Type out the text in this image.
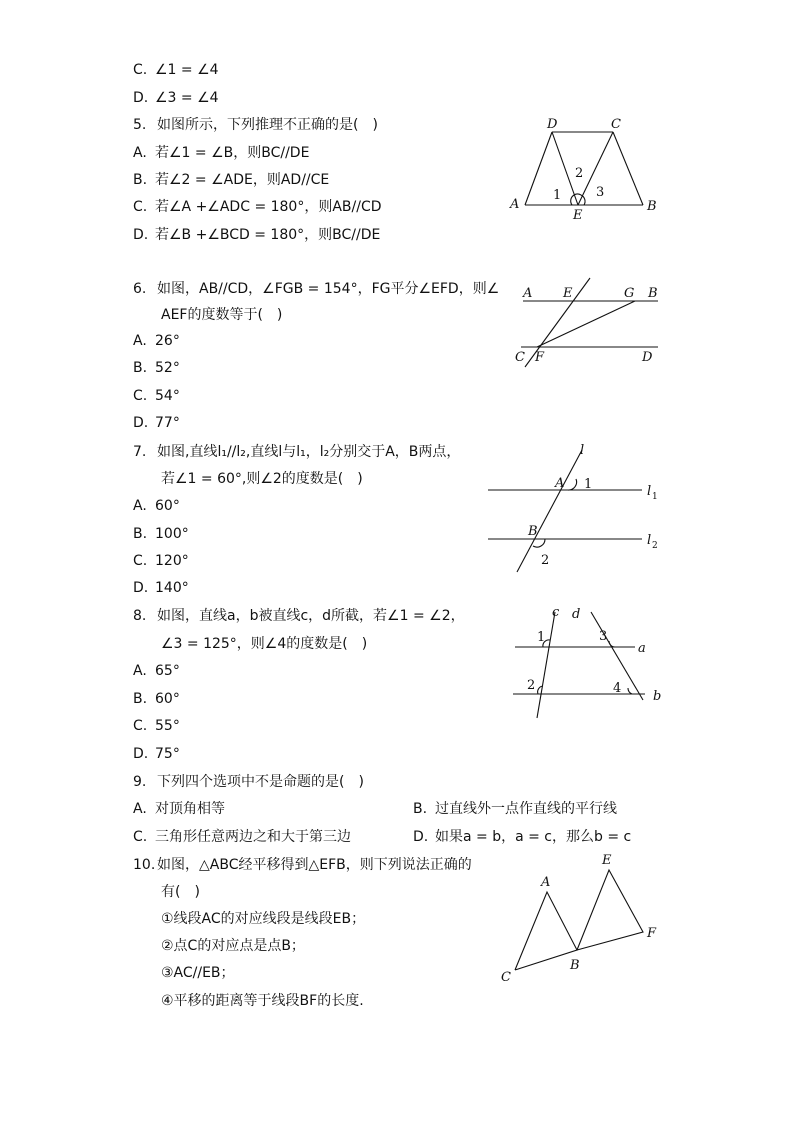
C. ∠1 = ∠4
D. ∠3 = ∠4
5. 如图所示，下列推理不正确的是(　)
A. 若∠1 = ∠B，则BC//DE
B. 若∠2 = ∠ADE，则AD//CE
C. 若∠A +∠ADC = 180°，则AB//CD
D. 若∠B +∠BCD = 180°，则BC//DE
D	C
A	B
E
1
2
3
6. 如图，AB//CD，∠FGB = 154°，FG平分∠EFD，则∠
AEF的度数等于(　)
A. 26°
B. 52°
C. 54°
D. 77°
A E	G B
C F	D
7. 如图,直线l₁//l₂,直线l与l₁，l₂分别交于A，B两点，
若∠1 = 60°,则∠2的度数是(　)
A. 60°
B. 100°
C. 120°
D. 140°
l
A 1	l 1
B
l 2
2
8. 如图，直线a，b被直线c，d所截，若∠1 = ∠2，
∠3 = 125°，则∠4的度数是(　)
A. 65°
B. 60°
C. 55°
D. 75°
c d
1	3
a
2	4
b
9. 下列四个选项中不是命题的是(　)
A. 对顶角相等	B. 过直线外一点作直线的平行线
C. 三角形任意两边之和大于第三边	D. 如果a = b，a = c，那么b = c
10. 如图，△ABC经平移得到△EFB，则下列说法正确的
有(　)
①线段AC的对应线段是线段EB；
②点C的对应点是点B；
③AC//EB；
④平移的距离等于线段BF的长度.
A
E
F
B
C
